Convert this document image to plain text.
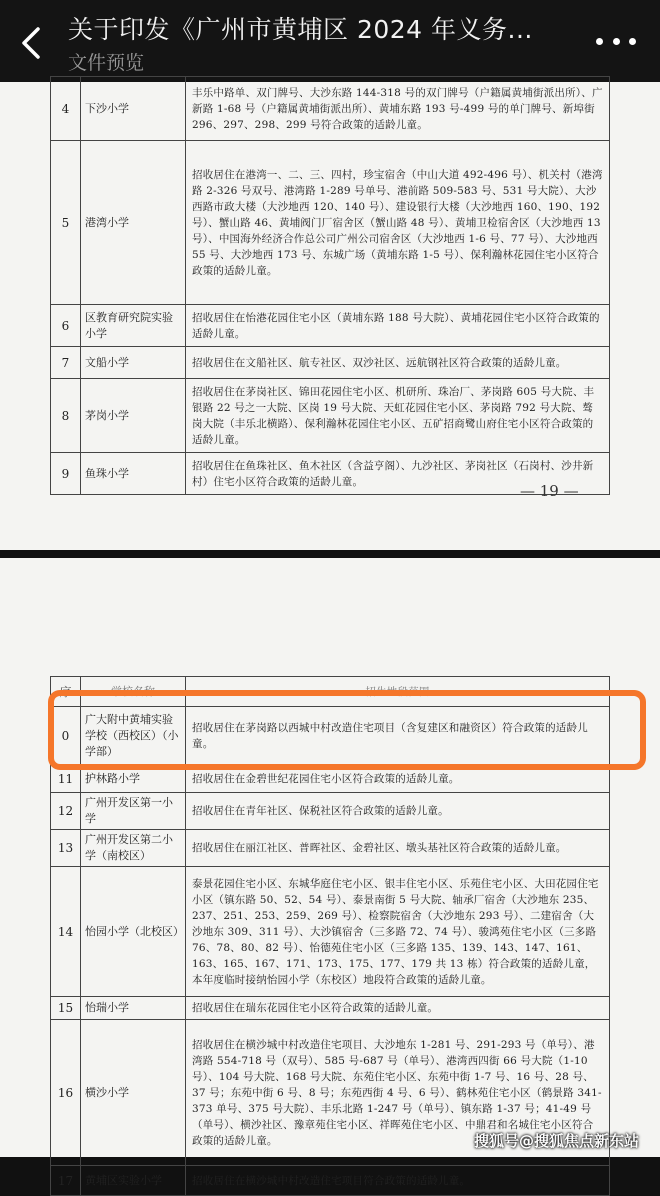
关于印发《广州市黄埔区 2024 年义务...
文件预览
4	下沙小学	丰乐中路单、双门牌号、大沙东路 144-318 号的双门牌号（户籍属黄埔街派出所）、广新路 1-68 号（户籍属黄埔街派出所）、黄埔东路 193 号-499 号的单门牌号、新埠街 296、297、298、299 号符合政策的适龄儿童。
5	港湾小学	招收居住在港湾一、二、三、四村，珍宝宿舍（中山大道 492-496 号）、机关村（港湾路 2-326 号双号、港湾路 1-289 号单号、港前路 509-583 号、531 号大院）、大沙西路市政大楼（大沙地西 120、140 号）、建设银行大楼（大沙地西 160、190、192 号）、蟹山路 46、黄埔阀门厂宿舍区（蟹山路 48 号）、黄埔卫检宿舍区（大沙地西 13 号）、中国海外经济合作总公司广州公司宿舍区（大沙地西 1-6 号、77 号）、大沙地西 55 号、大沙地西 173 号、东城广场（黄埔东路 1-5 号）、保利瀚林花园住宅小区符合政策的适龄儿童。
6	区教育研究院实验小学	招收居住在怡港花园住宅小区（黄埔东路 188 号大院）、黄埔花园住宅小区符合政策的适龄儿童。
7	文船小学	招收居住在文船社区、航专社区、双沙社区、远航钢社区符合政策的适龄儿童。
8	茅岗小学	招收居住在茅岗社区、锦田花园住宅小区、机研所、珠冶厂、茅岗路 605 号大院、丰银路 22 号之一大院、区岗 19 号大院、天虹花园住宅小区、茅岗路 792 号大院、骜岗大院（丰乐北横路）、保利瀚林花园住宅小区、五矿招商鹭山府住宅小区符合政策的适龄儿童。
9	鱼珠小学	招收居住在鱼珠社区、鱼木社区（含益亨阁）、九沙社区、茅岗社区（石岗村、沙井新村）住宅小区符合政策的适龄儿童。
— 19 —
序	学校名称	招生地段范围
0	广大附中黄埔实验学校（西校区）（小学部）	招收居住在茅岗路以西城中村改造住宅项目（含复建区和融资区）符合政策的适龄儿童。
11	护林路小学	招收居住在金碧世纪花园住宅小区符合政策的适龄儿童。
12	广州开发区第一小学	招收居住在青年社区、保税社区符合政策的适龄儿童。
13	广州开发区第二小学（南校区）	招收居住在丽江社区、普晖社区、金碧社区、墩头基社区符合政策的适龄儿童。
14	怡园小学（北校区）	泰景花园住宅小区、东城华庭住宅小区、银丰住宅小区、乐苑住宅小区、大田花园住宅小区（镇东路 50、52、54 号）、泰景南街 5 号大院、轴承厂宿舍（大沙地东 235、237、251、253、259、269 号）、检察院宿舍（大沙地东 293 号）、二建宿舍（大沙地东 309、311 号）、大沙镇宿舍（三多路 72、74 号）、骏鸿苑住宅小区（三多路 76、78、80、82 号）、怡德苑住宅小区（三多路 135、139、143、147、161、163、165、167、171、173、175、177、179 共 13 栋）符合政策的适龄儿童，本年度临时接纳怡园小学（东校区）地段符合政策的适龄儿童。
15	怡瑞小学	招收居住在瑞东花园住宅小区符合政策的适龄儿童。
16	横沙小学	招收居住在横沙城中村改造住宅项目、大沙地东 1-281 号、291-293 号（单号）、港湾路 554-718 号（双号）、585 号-687 号（单号）、港湾西四街 66 号大院（1-10 号）、104 号大院、168 号大院、东苑住宅小区、东苑中街 1-7 号、16 号、28 号、37 号；东苑中街 6 号、8 号；东苑西街 4 号、6 号）、鹤林苑住宅小区（鹤景路 341-373 单号、375 号大院）、丰乐北路 1-247 号（单号）、镇东路 1-37 号；41-49 号（单号）、横沙社区、豫章苑住宅小区、祥晖苑住宅小区、中鼎君和名城住宅小区符合政策的适龄儿童。
17	黄埔区实验小学	招收居住在横沙城中村改造住宅项目符合政策的适龄儿童。
搜狐号@搜狐焦点新东站
